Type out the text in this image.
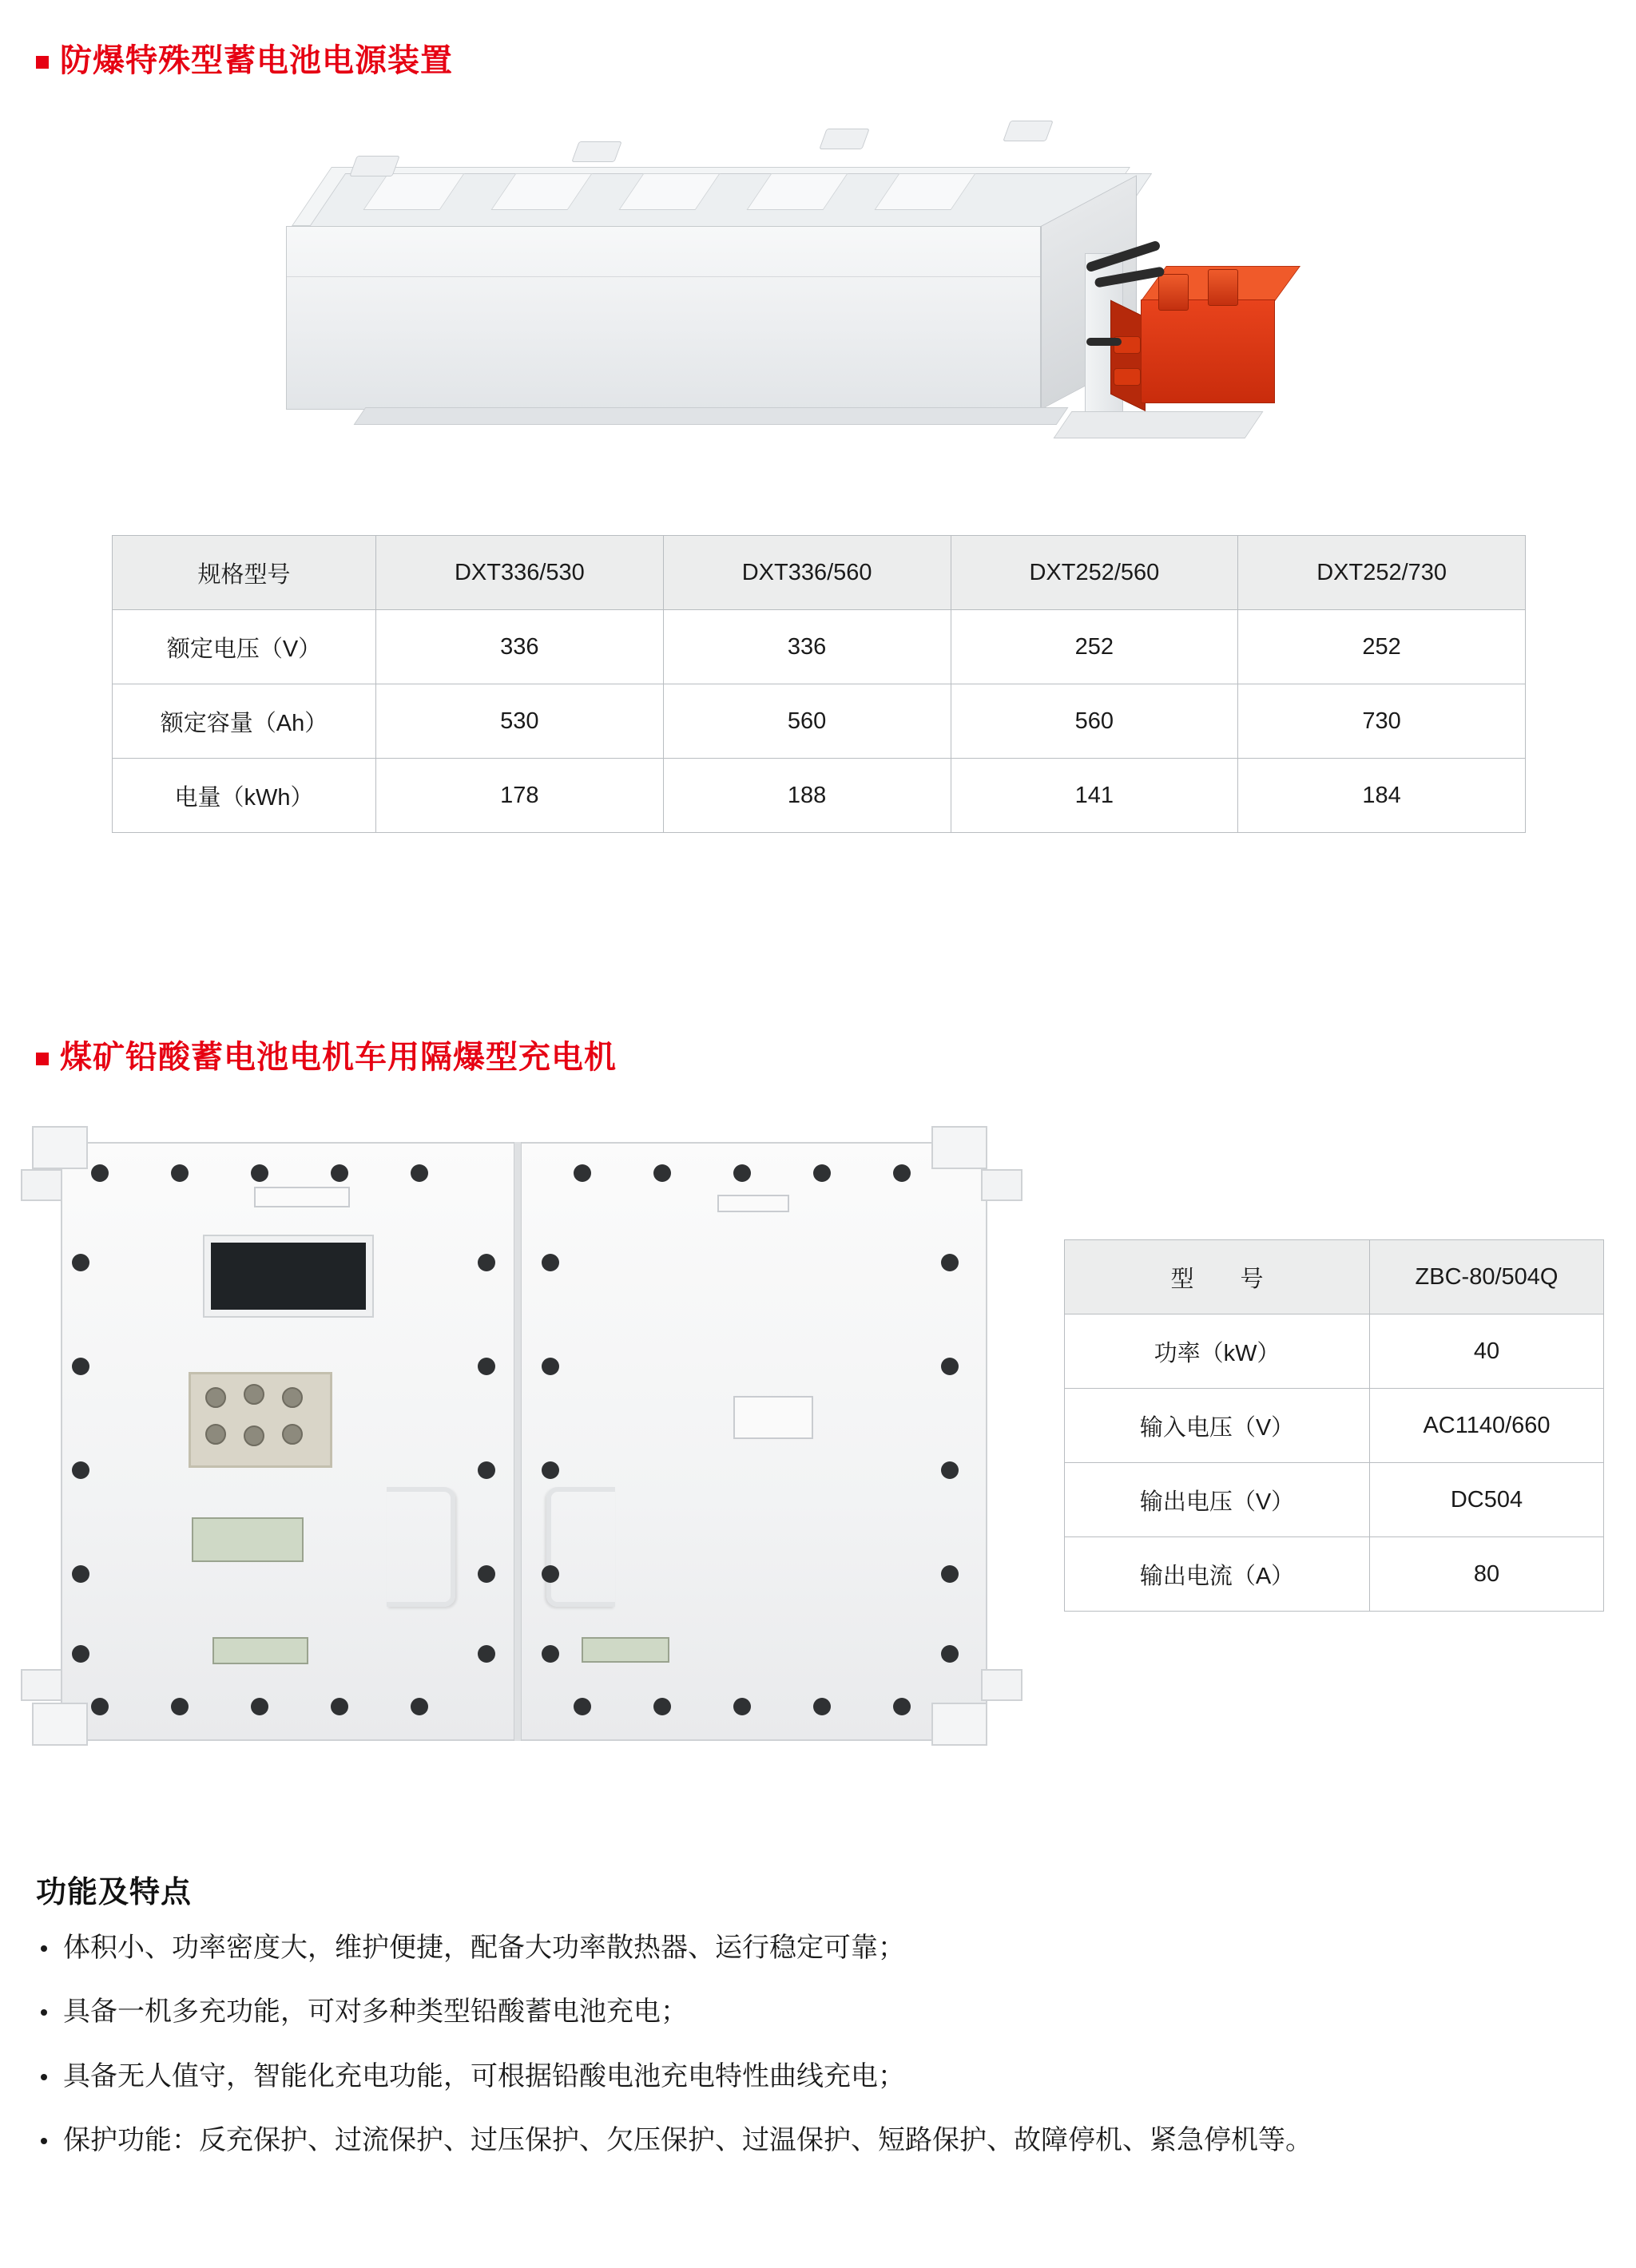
防爆特殊型蓄电池电源装置
规格型号	DXT336/530	DXT336/560	DXT252/560	DXT252/730
额定电压（V）	336	336	252	252
额定容量（Ah）	530	560	560	730
电量（kWh）	178	188	141	184
煤矿铅酸蓄电池电机车用隔爆型充电机
型　　号	ZBC-80/504Q
功率（kW）	40
输入电压（V）	AC1140/660
输出电压（V）	DC504
输出电流（A）	80
功能及特点
体积小、功率密度大，维护便捷，配备大功率散热器、运行稳定可靠；
具备一机多充功能，可对多种类型铅酸蓄电池充电；
具备无人值守，智能化充电功能，可根据铅酸电池充电特性曲线充电；
保护功能：反充保护、过流保护、过压保护、欠压保护、过温保护、短路保护、故障停机、紧急停机等。
